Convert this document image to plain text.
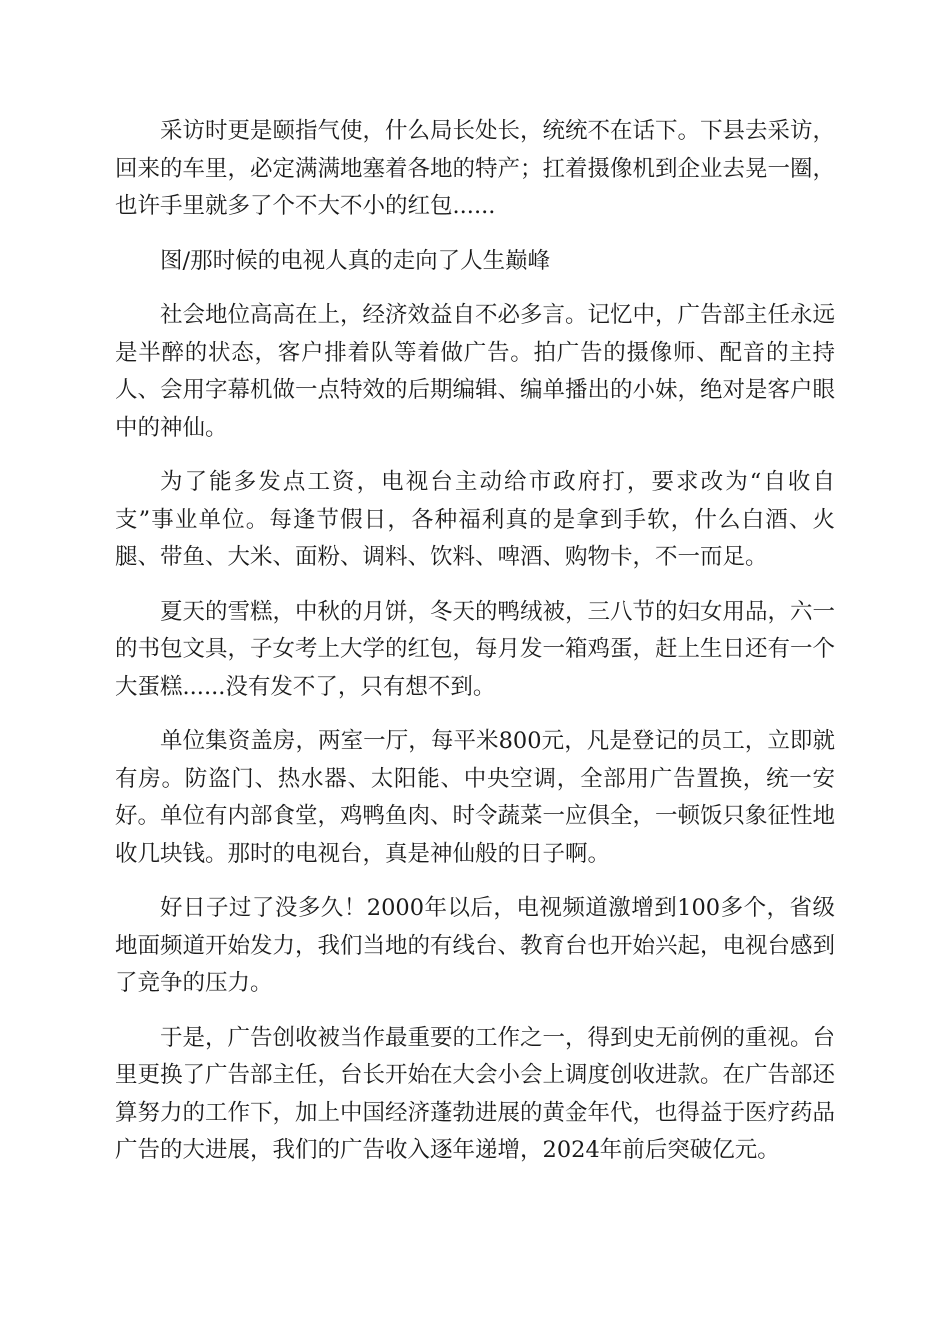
采访时更是颐指气使，什么局长处长，统统不在话下。下县去采访，回来的车里，必定满满地塞着各地的特产；扛着摄像机到企业去晃一圈，也许手里就多了个不大不小的红包......

图/那时候的电视人真的走向了人生巅峰

社会地位高高在上，经济效益自不必多言。记忆中，广告部主任永远是半醉的状态，客户排着队等着做广告。拍广告的摄像师、配音的主持人、会用字幕机做一点特效的后期编辑、编单播出的小妹，绝对是客户眼中的神仙。

为了能多发点工资，电视台主动给市政府打，要求改为“自收自支”事业单位。每逢节假日，各种福利真的是拿到手软，什么白酒、火腿、带鱼、大米、面粉、调料、饮料、啤酒、购物卡，不一而足。

夏天的雪糕，中秋的月饼，冬天的鸭绒被，三八节的妇女用品，六一的书包文具，子女考上大学的红包，每月发一箱鸡蛋，赶上生日还有一个大蛋糕......没有发不了，只有想不到。

单位集资盖房，两室一厅，每平米800元，凡是登记的员工，立即就有房。防盗门、热水器、太阳能、中央空调，全部用广告置换，统一安好。单位有内部食堂，鸡鸭鱼肉、时令蔬菜一应俱全，一顿饭只象征性地收几块钱。那时的电视台，真是神仙般的日子啊。

好日子过了没多久！2000年以后，电视频道激增到100多个，省级地面频道开始发力，我们当地的有线台、教育台也开始兴起，电视台感到了竞争的压力。

于是，广告创收被当作最重要的工作之一，得到史无前例的重视。台里更换了广告部主任，台长开始在大会小会上调度创收进款。在广告部还算努力的工作下，加上中国经济蓬勃进展的黄金年代，也得益于医疗药品广告的大进展，我们的广告收入逐年递增，2024年前后突破亿元。
